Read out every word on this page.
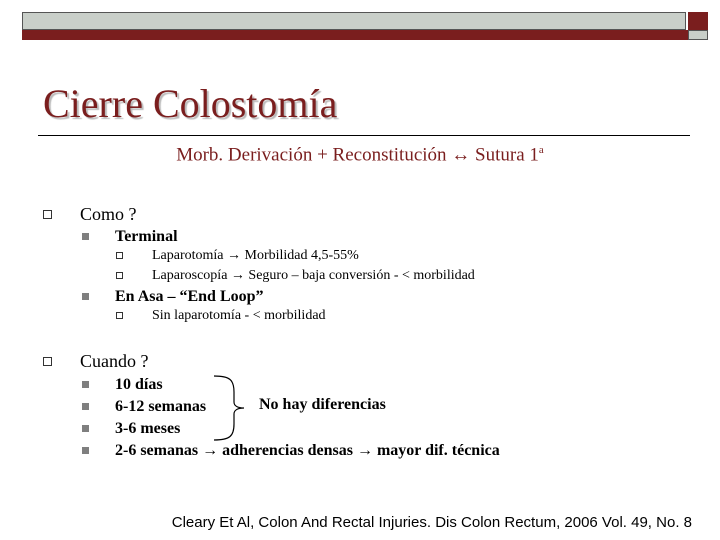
Cierre Colostomía
Morb. Derivación + Reconstitución ↔ Sutura 1$^a$
Como ?
Terminal
Laparotomía → Morbilidad 4,5-55%
Laparoscopía → Seguro – baja conversión - < morbilidad
En Asa – “End Loop”
Sin laparotomía - < morbilidad
Cuando ?
10 días
6-12 semanas
3-6 meses
2-6 semanas → adherencias densas → mayor dif. técnica
No hay diferencias
Cleary Et Al, Colon And Rectal Injuries. Dis Colon Rectum, 2006 Vol. 49, No. 8
